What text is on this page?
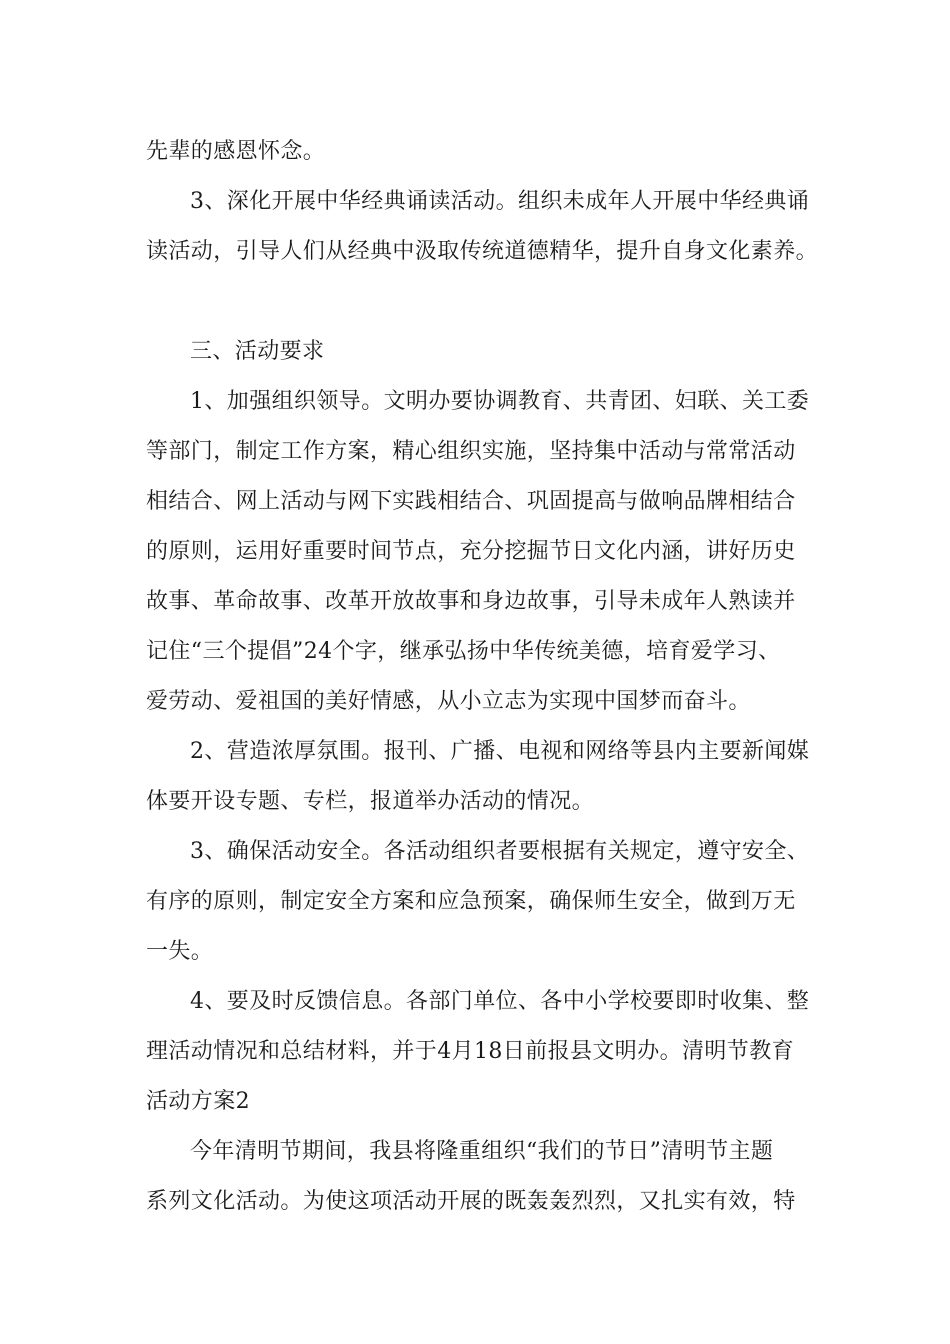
先辈的感恩怀念。
3、深化开展中华经典诵读活动。组织未成年人开展中华经典诵
读活动，引导人们从经典中汲取传统道德精华，提升自身文化素养。
三、活动要求
1、加强组织领导。文明办要协调教育、共青团、妇联、关工委
等部门，制定工作方案，精心组织实施，坚持集中活动与常常活动
相结合、网上活动与网下实践相结合、巩固提高与做响品牌相结合
的原则，运用好重要时间节点，充分挖掘节日文化内涵，讲好历史
故事、革命故事、改革开放故事和身边故事，引导未成年人熟读并
记住“三个提倡”24个字，继承弘扬中华传统美德，培育爱学习、
爱劳动、爱祖国的美好情感，从小立志为实现中国梦而奋斗。
2、营造浓厚氛围。报刊、广播、电视和网络等县内主要新闻媒
体要开设专题、专栏，报道举办活动的情况。
3、确保活动安全。各活动组织者要根据有关规定，遵守安全、
有序的原则，制定安全方案和应急预案，确保师生安全，做到万无
一失。
4、要及时反馈信息。各部门单位、各中小学校要即时收集、整
理活动情况和总结材料，并于4月18日前报县文明办。清明节教育
活动方案2
今年清明节期间，我县将隆重组织“我们的节日”清明节主题
系列文化活动。为使这项活动开展的既轰轰烈烈，又扎实有效，特
